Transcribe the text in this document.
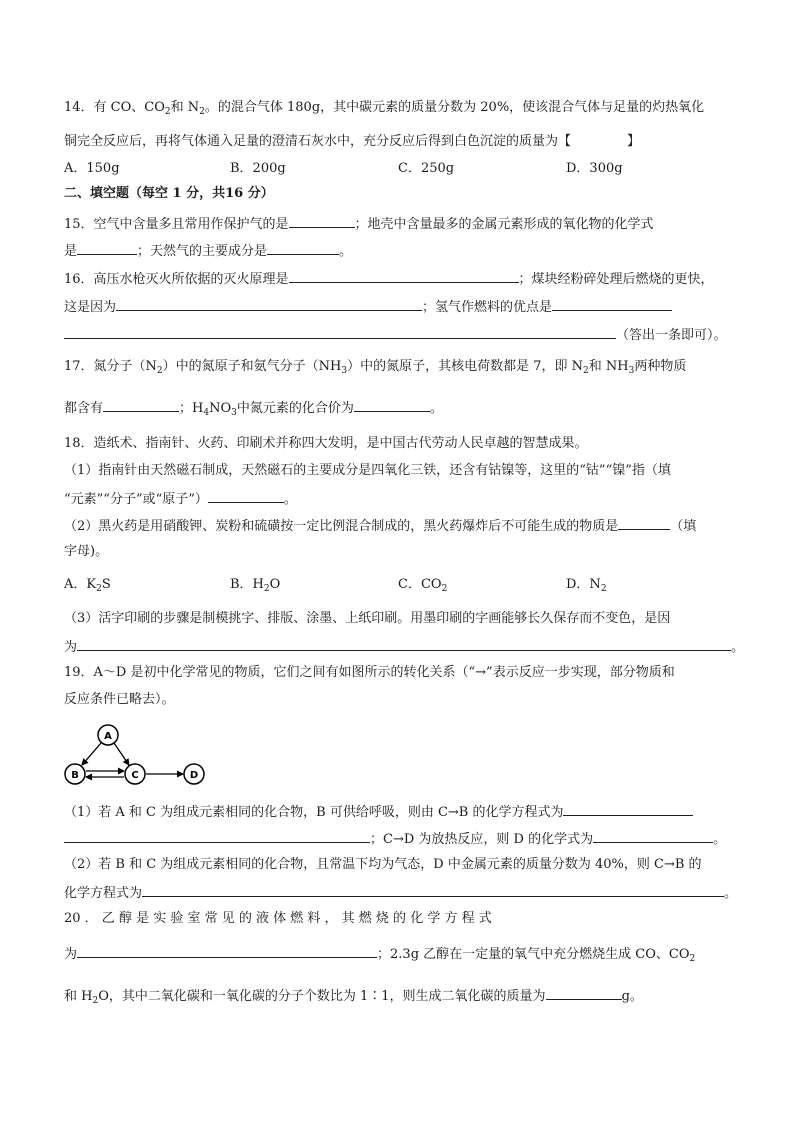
14．有 CO、$CO_2$和 $N_2$。的混合气体 180g，其中碳元素的质量分数为 20%，使该混合气体与足量的灼热氧化
铜完全反应后，再将气体通入足量的澄清石灰水中，充分反应后得到白色沉淀的质量为【	】
A．150g	B．200g	C．250g	D．300g
二、填空题（每空 1 分，共16 分）
15．空气中含量多且常用作保护气的是	；地壳中含量最多的金属元素形成的氧化物的化学式
是	；天然气的主要成分是	。
16．高压水枪灭火所依据的灭火原理是	；煤块经粉碎处理后燃烧的更快，
这是因为	；氢气作燃料的优点是
（答出一条即可）。
17．氮分子$(N_2)$中的氮原子和氨气分子$(NH_3)$中的氮原子，其核电荷数都是 7，即 $N_2$和 $NH_3$两种物质
都含有	；$H_4NO_3$中氮元素的化合价为	。
18．造纸术、指南针、火药、印刷术并称四大发明，是中国古代劳动人民卓越的智慧成果。
（1）指南针由天然磁石制成，天然磁石的主要成分是四氧化三铁，还含有钴镍等，这里的“钴”“镍”指（填
“元素”“分子”或“原子”）	。
（2）黑火药是用硝酸钾、炭粉和硫磺按一定比例混合制成的，黑火药爆炸后不可能生成的物质是	（填
字母)。
A．$K_2S$	B．$H_2O$	C．$CO_2$	D．$N_2$
（3）活字印刷的步骤是制模挑字、排版、涂墨、上纸印刷。用墨印刷的字画能够长久保存而不变色，是因
为	。
19．A～D 是初中化学常见的物质，它们之间有如图所示的转化关系（“→”表示反应一步实现，部分物质和
反应条件已略去）。
A
B	C	D
（1）若 A 和 C 为组成元素相同的化合物，B 可供给呼吸，则由 C→B 的化学方程式为
；C→D 为放热反应，则 D 的化学式为	。
（2）若 B 和 C 为组成元素相同的化合物，且常温下均为气态，D 中金属元素的质量分数为 40%，则 C→B 的
化学方程式为	。
20 ． 乙 醇 是 实 验 室 常 见 的 液 体 燃 料 ， 其 燃 烧 的 化 学 方 程 式
为	；2.3g 乙醇在一定量的氧气中充分燃烧生成 CO、$CO_2$
和 $H_2O$，其中二氧化碳和一氧化碳的分子个数比为 1∶1，则生成二氧化碳的质量为	g。
